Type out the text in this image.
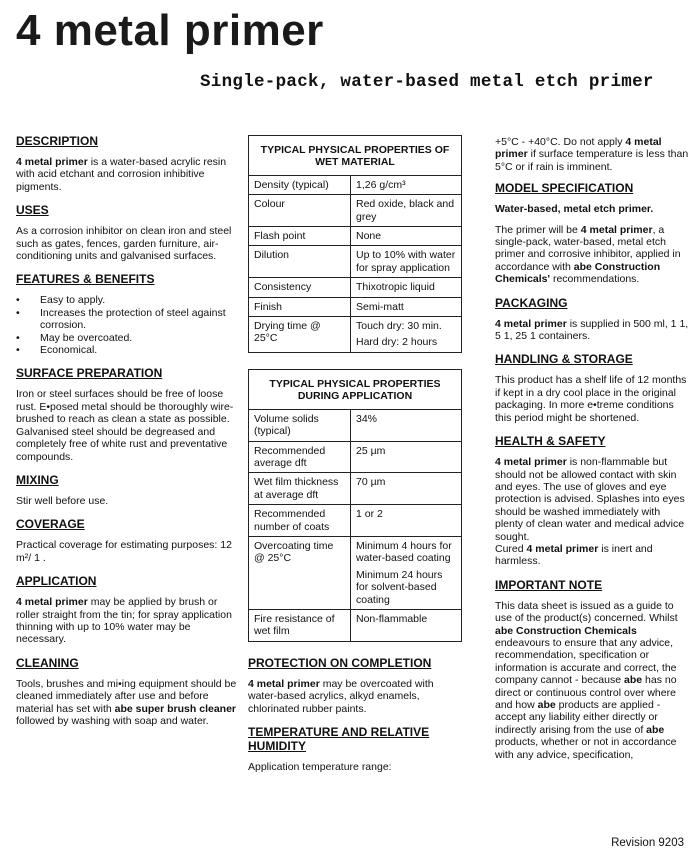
4 metal primer
Single-pack, water-based metal etch primer
DESCRIPTION

4 metal primer is a water-based acrylic resin with acid etchant and corrosion inhibitive pigments.

USES

As a corrosion inhibitor on clean iron and steel such as gates, fences, garden furniture, air-conditioning units and galvanised surfaces.

FEATURES & BENEFITS
• Easy to apply.
• Increases the protection of steel against corrosion.
• May be overcoated.
• Economical.
SURFACE PREPARATION

Iron or steel surfaces should be free of loose rust. E•posed metal should be thoroughly wire-brushed to reach as clean a state as possible.

Galvanised steel should be degreased and completely free of white rust and preventative compounds.

MIXING

Stir well before use.

COVERAGE

Practical coverage for estimating purposes: 12 m²/ 1 .

APPLICATION

4 metal primer may be applied by brush or roller straight from the tin; for spray application thinning with up to 10% water may be necessary.

CLEANING

Tools, brushes and mi•ing equipment should be cleaned immediately after use and before material has set with abe super brush cleaner followed by washing with soap and water.

TYPICAL PHYSICAL PROPERTIES OF WET MATERIAL	
Density (typical)	1,26 g/cm³
Colour	Red oxide, black and grey
Flash point	None
Dilution	Up to 10% with water for spray application
Consistency	Thixotropic liquid
Finish	Semi-matt
Drying time @ 25°C	Touch dry: 30 min.
Hard dry: 2 hours
TYPICAL PHYSICAL PROPERTIES DURING APPLICATION	
Volume solids (typical)	34%
Recommended average dft	25 µm
Wet film thickness at average dft	70 µm
Recommended number of coats	1 or 2
Overcoating time @ 25°C	Minimum 4 hours for water-based coating
Minimum 24 hours for solvent-based coating

Fire resistance of wet film	Non-flammable
PROTECTION ON COMPLETION

4 metal primer may be overcoated with water-based acrylics, alkyd enamels, chlorinated rubber paints.

TEMPERATURE AND RELATIVE HUMIDITY

Application temperature range:

+5°C - +40°C. Do not apply 4 metal primer if surface temperature is less than 5°C or if rain is imminent.

MODEL SPECIFICATION

Water-based, metal etch primer.

The primer will be 4 metal primer, a single-pack, water-based, metal etch primer and corrosive inhibitor, applied in accordance with abe Construction Chemicals' recommendations.

PACKAGING

4 metal primer is supplied in 500 ml, 1 1, 5 1, 25 1 containers.

HANDLING & STORAGE

This product has a shelf life of 12 months if kept in a dry cool place in the original packaging. In more e•treme conditions this period might be shortened.

HEALTH & SAFETY

4 metal primer is non-flammable but should not be allowed contact with skin and eyes. The use of gloves and eye protection is advised. Splashes into eyes should be washed immediately with plenty of clean water and medical advice sought.

Cured 4 metal primer is inert and harmless.

IMPORTANT NOTE

This data sheet is issued as a guide to use of the product(s) concerned. Whilst abe Construction Chemicals endeavours to ensure that any advice, recommendation, specification or information is accurate and correct, the company cannot - because abe has no direct or continuous control over where and how abe products are applied - accept any liability either directly or indirectly arising from the use of abe products, whether or not in accordance with any advice, specification,

Revision 9203
